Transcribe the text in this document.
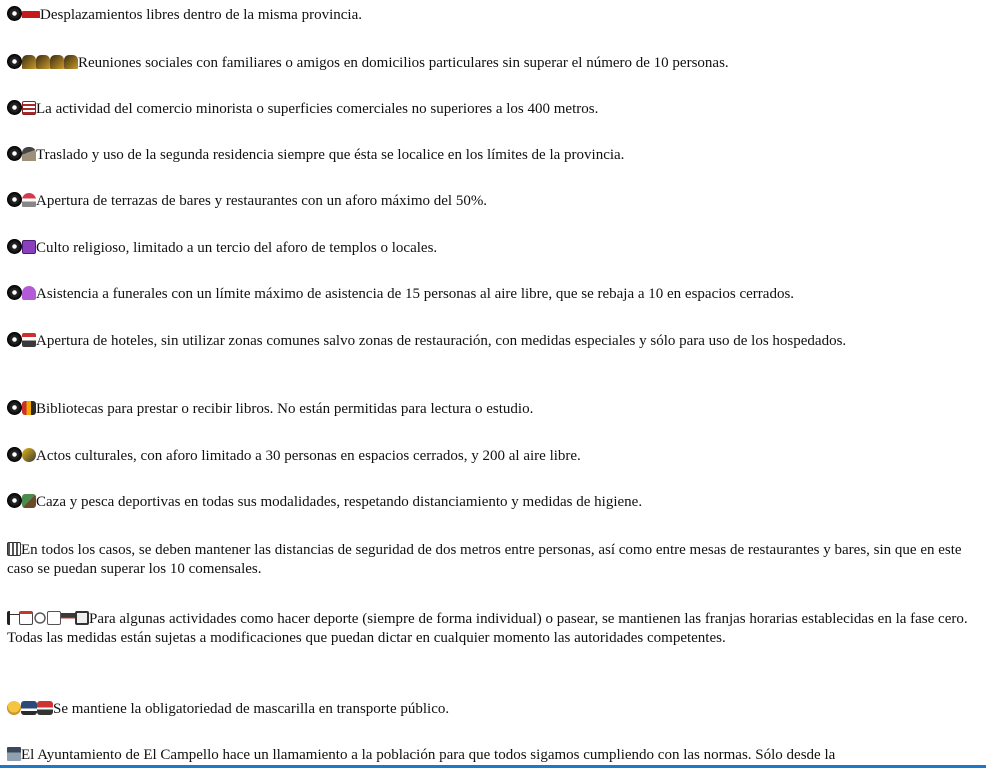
Desplazamientos libres dentro de la misma provincia.

Reuniones sociales con familiares o amigos en domicilios particulares sin superar el número de 10 personas.

La actividad del comercio minorista o superficies comerciales no superiores a los 400 metros.

Traslado y uso de la segunda residencia siempre que ésta se localice en los límites de la provincia.

Apertura de terrazas de bares y restaurantes con un aforo máximo del 50%.

Culto religioso, limitado a un tercio del aforo de templos o locales.

Asistencia a funerales con un límite máximo de asistencia de 15 personas al aire libre, que se rebaja a 10 en espacios cerrados.

Apertura de hoteles, sin utilizar zonas comunes salvo zonas de restauración, con medidas especiales y sólo para uso de los hospedados.

Bibliotecas para prestar o recibir libros. No están permitidas para lectura o estudio.

Actos culturales, con aforo limitado a 30 personas en espacios cerrados, y 200 al aire libre.

Caza y pesca deportivas en todas sus modalidades, respetando distanciamiento y medidas de higiene.

En todos los casos, se deben mantener las distancias de seguridad de dos metros entre personas, así como entre mesas de restaurantes y bares, sin que en este caso se puedan superar los 10 comensales.

Para algunas actividades como hacer deporte (siempre de forma individual) o pasear, se mantienen las franjas horarias establecidas en la fase cero. Todas las medidas están sujetas a modificaciones que puedan dictar en cualquier momento las autoridades competentes.

Se mantiene la obligatoriedad de mascarilla en transporte público.

El Ayuntamiento de El Campello hace un llamamiento a la población para que todos sigamos cumpliendo con las normas. Sólo desde la
